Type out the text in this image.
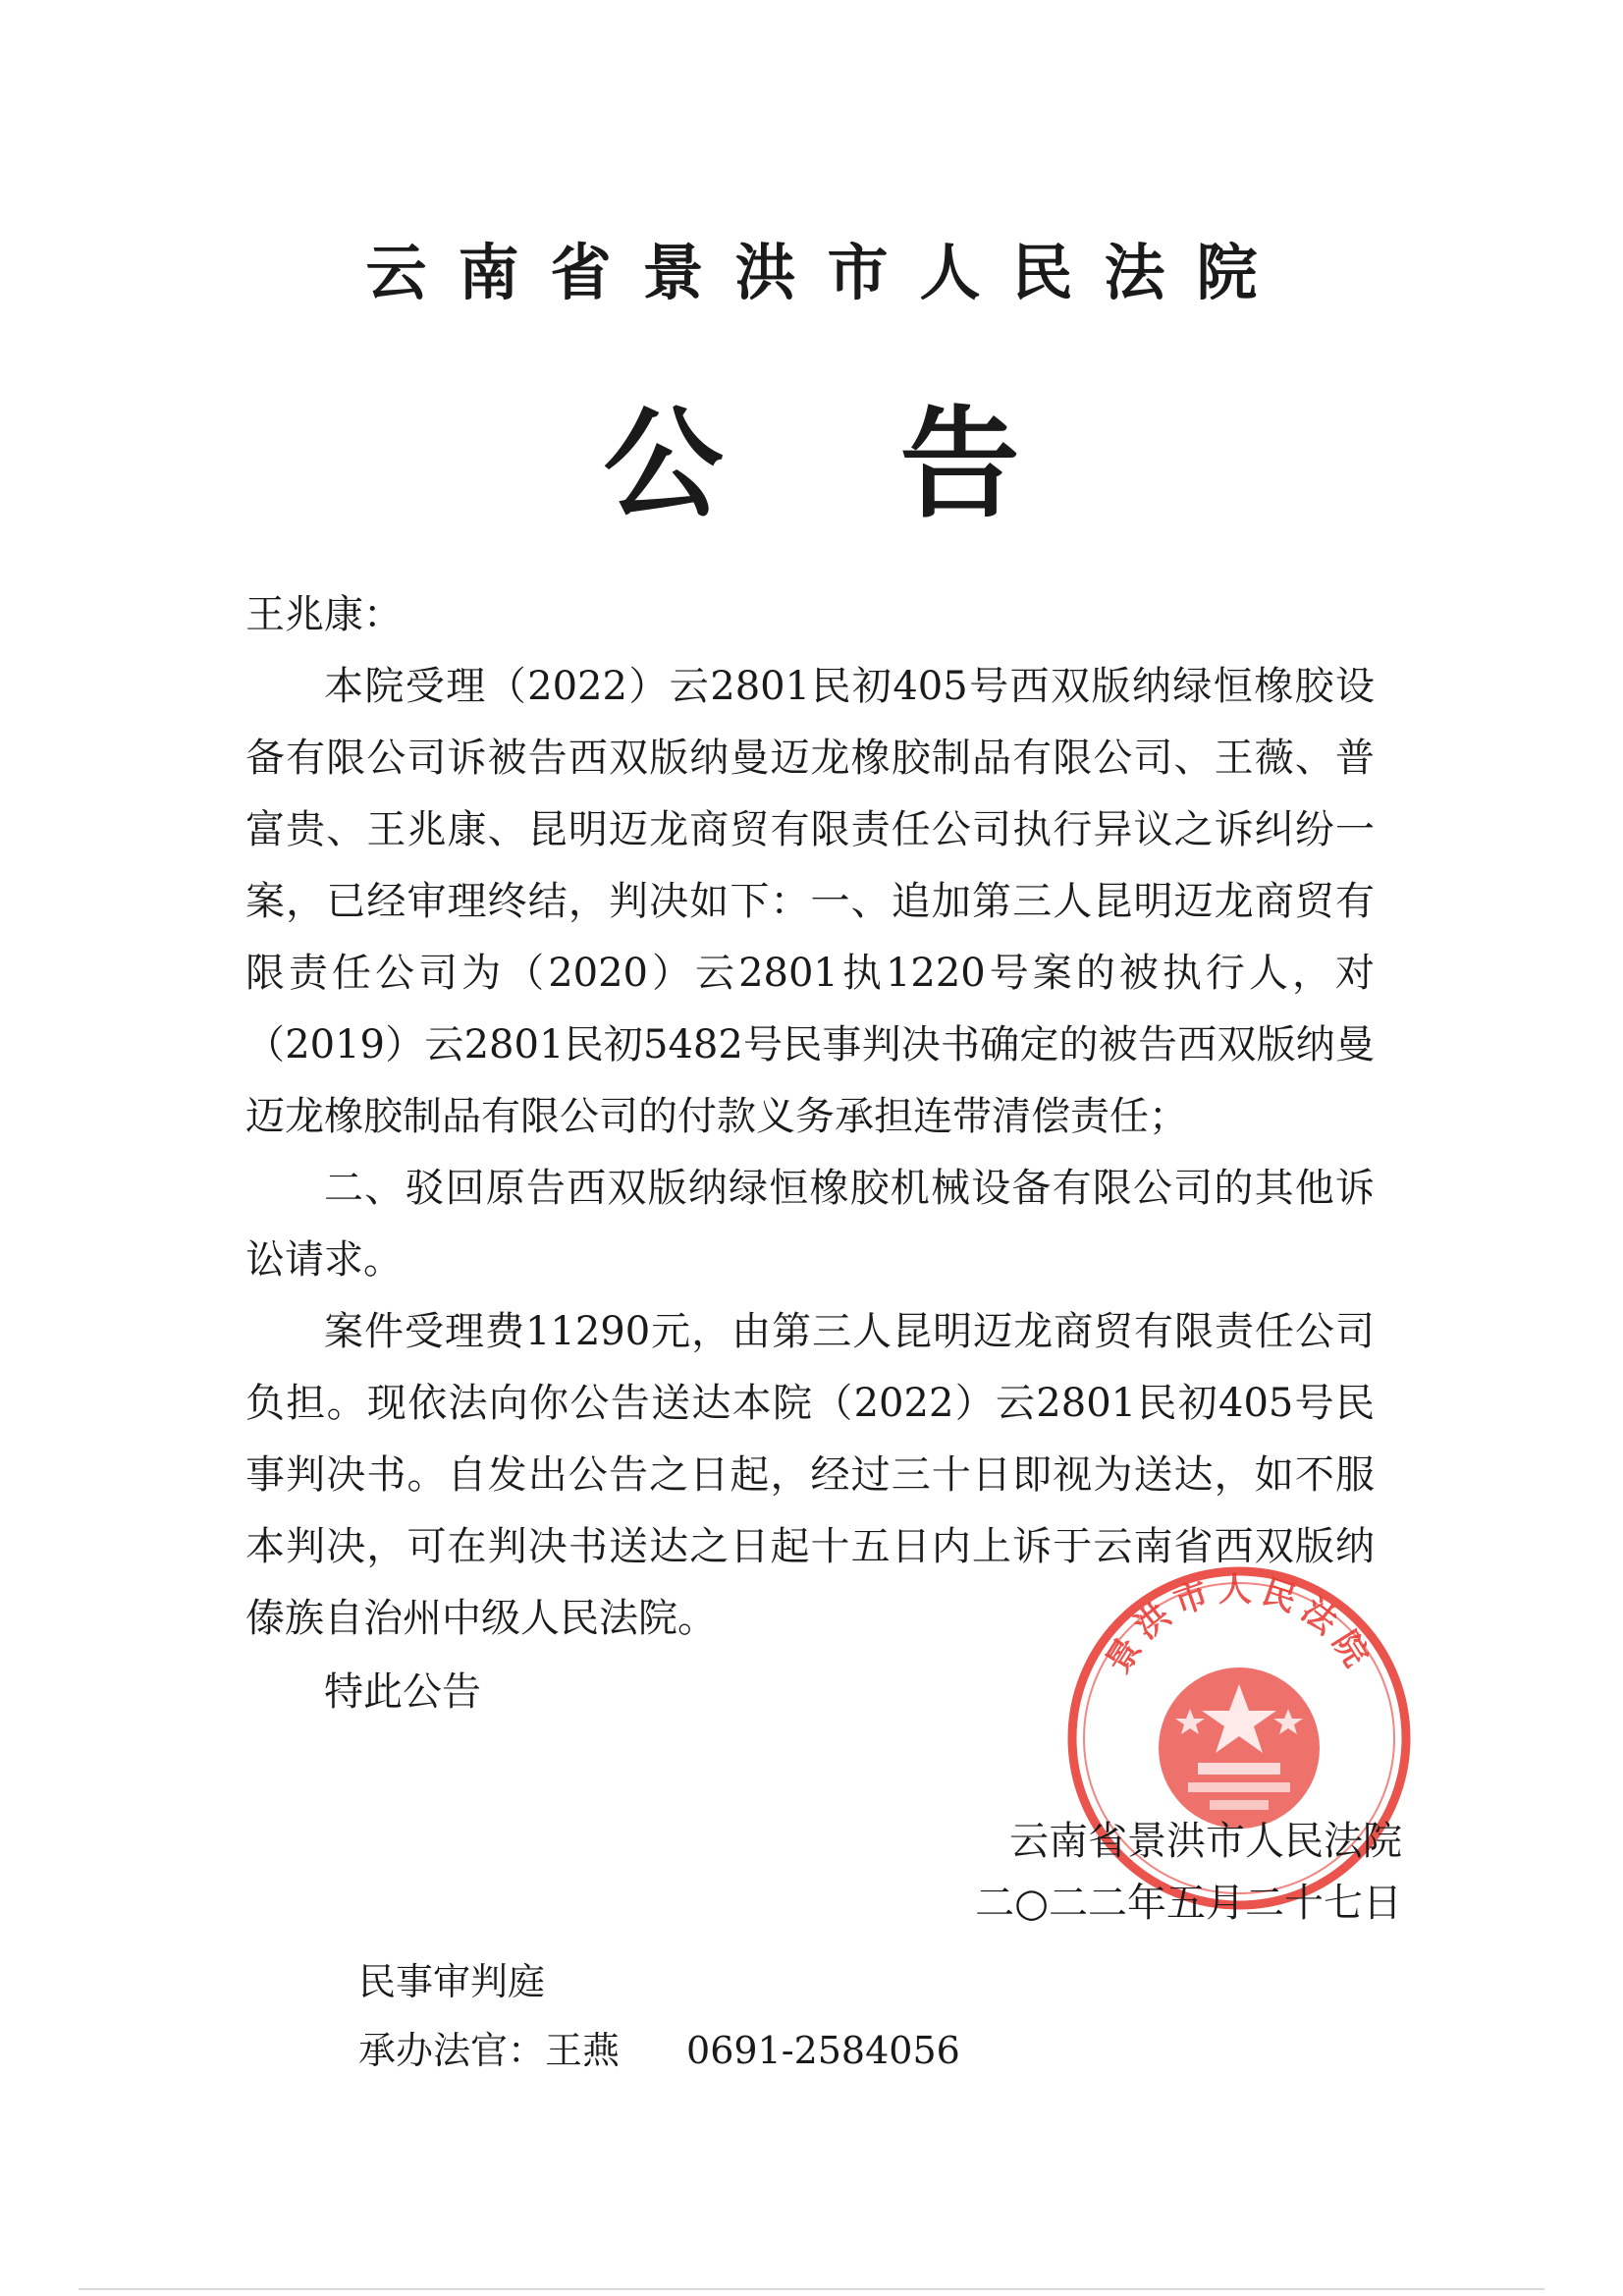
云南省景洪市人民法院
公告

王兆康：

本院受理（2022）云2801民初405号西双版纳绿恒橡胶设备有限公司诉被告西双版纳曼迈龙橡胶制品有限公司、王薇、普富贵、王兆康、昆明迈龙商贸有限责任公司执行异议之诉纠纷一案，已经审理终结，判决如下：一、追加第三人昆明迈龙商贸有限责任公司为（2020）云2801执1220号案的被执行人，对（2019）云2801民初5482号民事判决书确定的被告西双版纳曼迈龙橡胶制品有限公司的付款义务承担连带清偿责任；

二、驳回原告西双版纳绿恒橡胶机械设备有限公司的其他诉讼请求。

案件受理费11290元，由第三人昆明迈龙商贸有限责任公司负担。现依法向你公告送达本院（2022）云2801民初405号民事判决书。自发出公告之日起，经过三十日即视为送达，如不服本判决，可在判决书送达之日起十五日内上诉于云南省西双版纳傣族自治州中级人民法院。

特此公告

景洪市人民法院
云南省景洪市人民法院
二○二二年五月二十七日
民事审判庭
承办法官：王燕 0691-2584056
